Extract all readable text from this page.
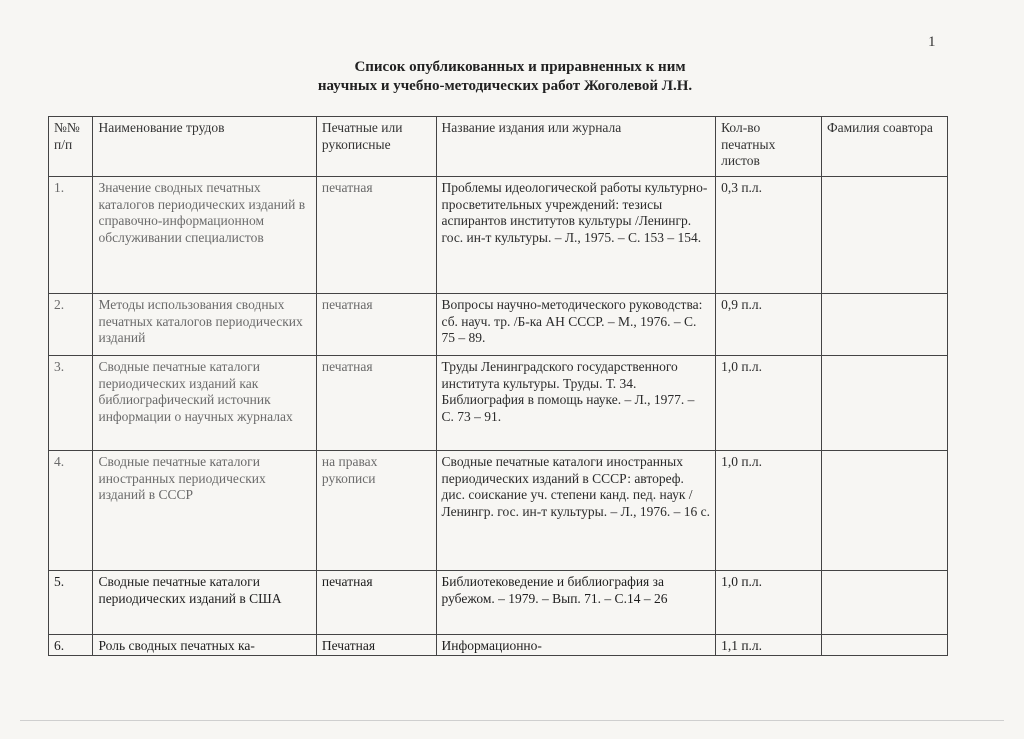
1
Список опубликованных и приравненных к ним
научных и учебно-методических работ Жоголевой Л.Н.
№№ п/п	Наименование трудов	Печатные или рукописные	Название издания или журнала	Кол-во печатных листов	Фамилия соавтора
1.	Значение сводных печатных каталогов периодических изданий в справочно-информационном обслуживании специалистов	печатная	Проблемы идеологической работы культурно-просветительных учреждений: тезисы аспирантов институтов культуры /Ленингр. гос. ин-т культуры. – Л., 1975. – С. 153 – 154.	0,3 п.л.	
2.	Методы использования сводных печатных каталогов периодических изданий	печатная	Вопросы научно-методического руководства: сб. науч. тр. /Б-ка АН СССР. – М., 1976. – С. 75 – 89.	0,9 п.л.	
3.	Сводные печатные каталоги периодических изданий как библиографический источник информации о научных журналах	печатная	Труды Ленинградского государственного института культуры. Труды. Т. 34. Библиография в помощь науке. – Л., 1977. – С. 73 – 91.	1,0 п.л.	
4.	Сводные печатные каталоги иностранных периодических изданий в СССР	на правах рукописи	Сводные печатные каталоги иностранных периодических изданий в СССР: автореф. дис. соискание уч. степени канд. пед. наук /Ленингр. гос. ин-т культуры. – Л., 1976. – 16 с.	1,0 п.л.	
5.	Сводные печатные каталоги периодических изданий в США	печатная	Библиотековедение и библиография за рубежом. – 1979. – Вып. 71. – С.14 – 26	1,0 п.л.	
6.	Роль сводных печатных ка-	Печатная	Информационно-	1,1 п.л.	
